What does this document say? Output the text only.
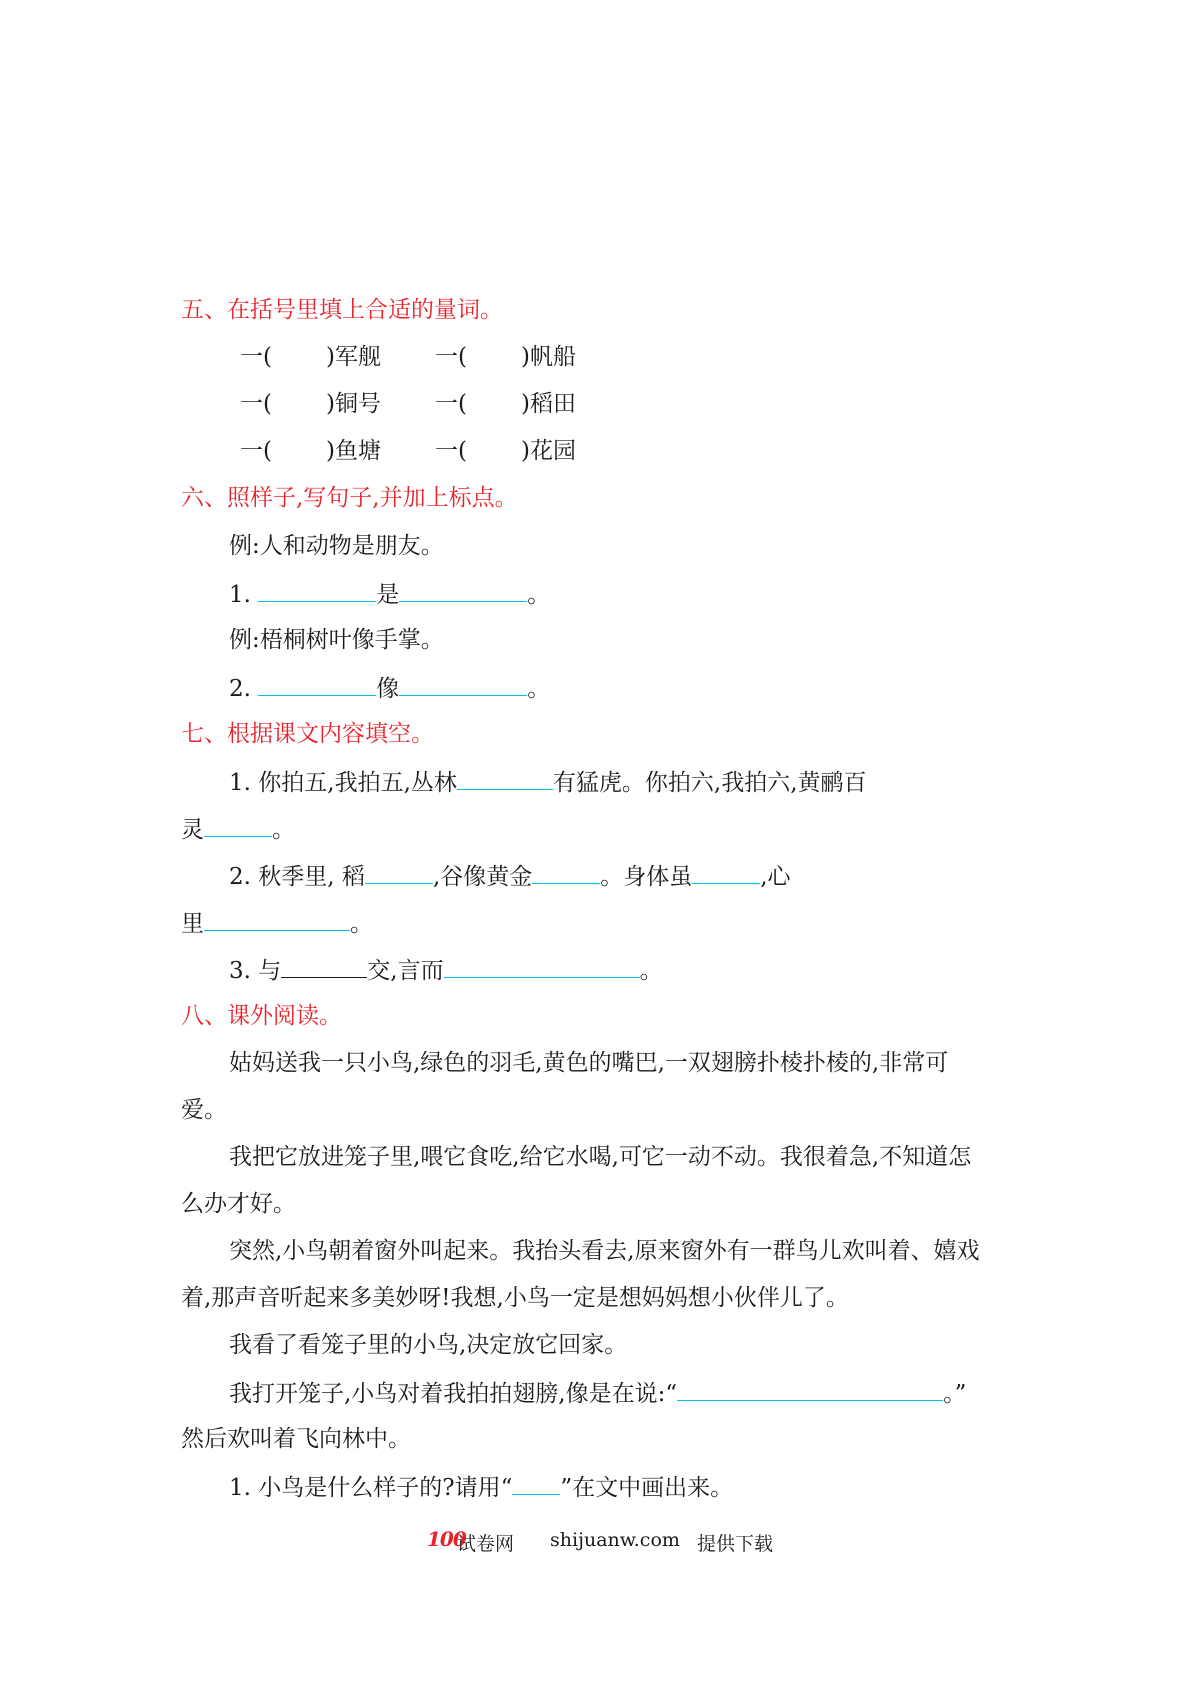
五、在括号里填上合适的量词。
一( )军舰 一( )帆船
一( )铜号 一( )稻田
一( )鱼塘 一( )花园
六、照样子,写句子,并加上标点。
例:人和动物是朋友。
1.	是	。
例:梧桐树叶像手掌。
2.	像	。
七、根据课文内容填空。
1. 你拍五,我拍五,丛林	有猛虎。你拍六,我拍六,黄鹂百
灵	。
2. 秋季里, 稻	,谷像黄金	。身体虽	,心
里	。
3. 与	交,言而	。
八、课外阅读。
姑妈送我一只小鸟,绿色的羽毛,黄色的嘴巴,一双翅膀扑棱扑棱的,非常可
爱。
我把它放进笼子里,喂它食吃,给它水喝,可它一动不动。我很着急,不知道怎
么办才好。
突然,小鸟朝着窗外叫起来。我抬头看去,原来窗外有一群鸟儿欢叫着、嬉戏
着,那声音听起来多美妙呀!我想,小鸟一定是想妈妈想小伙伴儿了。
我看了看笼子里的小鸟,决定放它回家。
我打开笼子,小鸟对着我拍拍翅膀,像是在说:“	。”
然后欢叫着飞向林中。
1. 小鸟是什么样子的?请用“ ”在文中画出来。
100
试卷网 shijuanw.com 提供下载
